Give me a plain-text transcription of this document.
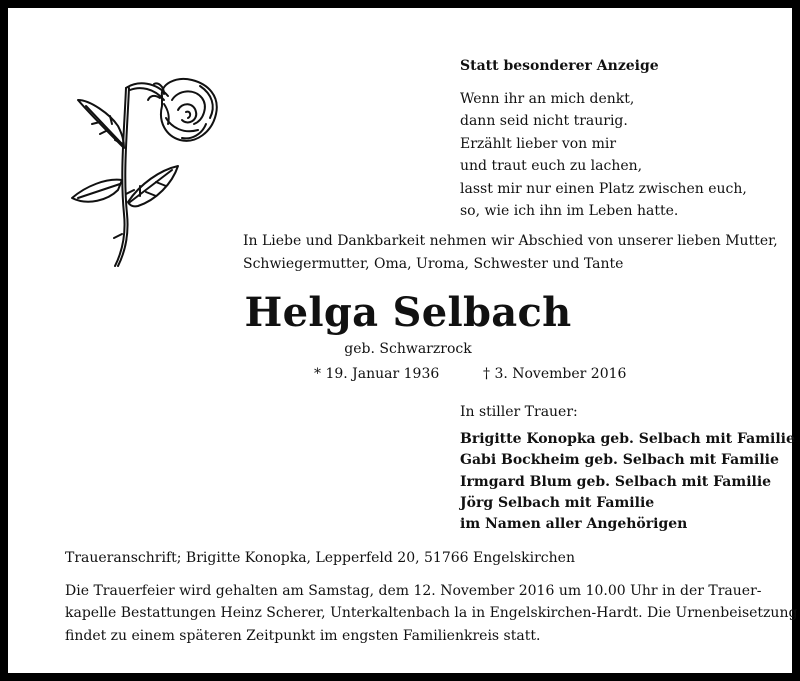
Statt besonderer Anzeige
Wenn ihr an mich denkt,
dann seid nicht traurig.
Erzählt lieber von mir
und traut euch zu lachen,
lasst mir nur einen Platz zwischen euch,
so, wie ich ihn im Leben hatte.
In Liebe und Dankbarkeit nehmen wir Abschied von unserer lieben Mutter,
Schwiegermutter, Oma, Uroma, Schwester und Tante
Helga Selbach
geb. Schwarzrock
* 19. Januar 1936	† 3. November 2016
In stiller Trauer:
Brigitte Konopka geb. Selbach mit Familie
Gabi Bockheim geb. Selbach mit Familie
Irmgard Blum geb. Selbach mit Familie
Jörg Selbach mit Familie
im Namen aller Angehörigen
Traueranschrift; Brigitte Konopka, Lepperfeld 20, 51766 Engelskirchen
Die Trauerfeier wird gehalten am Samstag, dem 12. November 2016 um 10.00 Uhr in der Trauer-
kapelle Bestattungen Heinz Scherer, Unterkaltenbach la in Engelskirchen-Hardt. Die Urnenbeisetzung
findet zu einem späteren Zeitpunkt im engsten Familienkreis statt.
